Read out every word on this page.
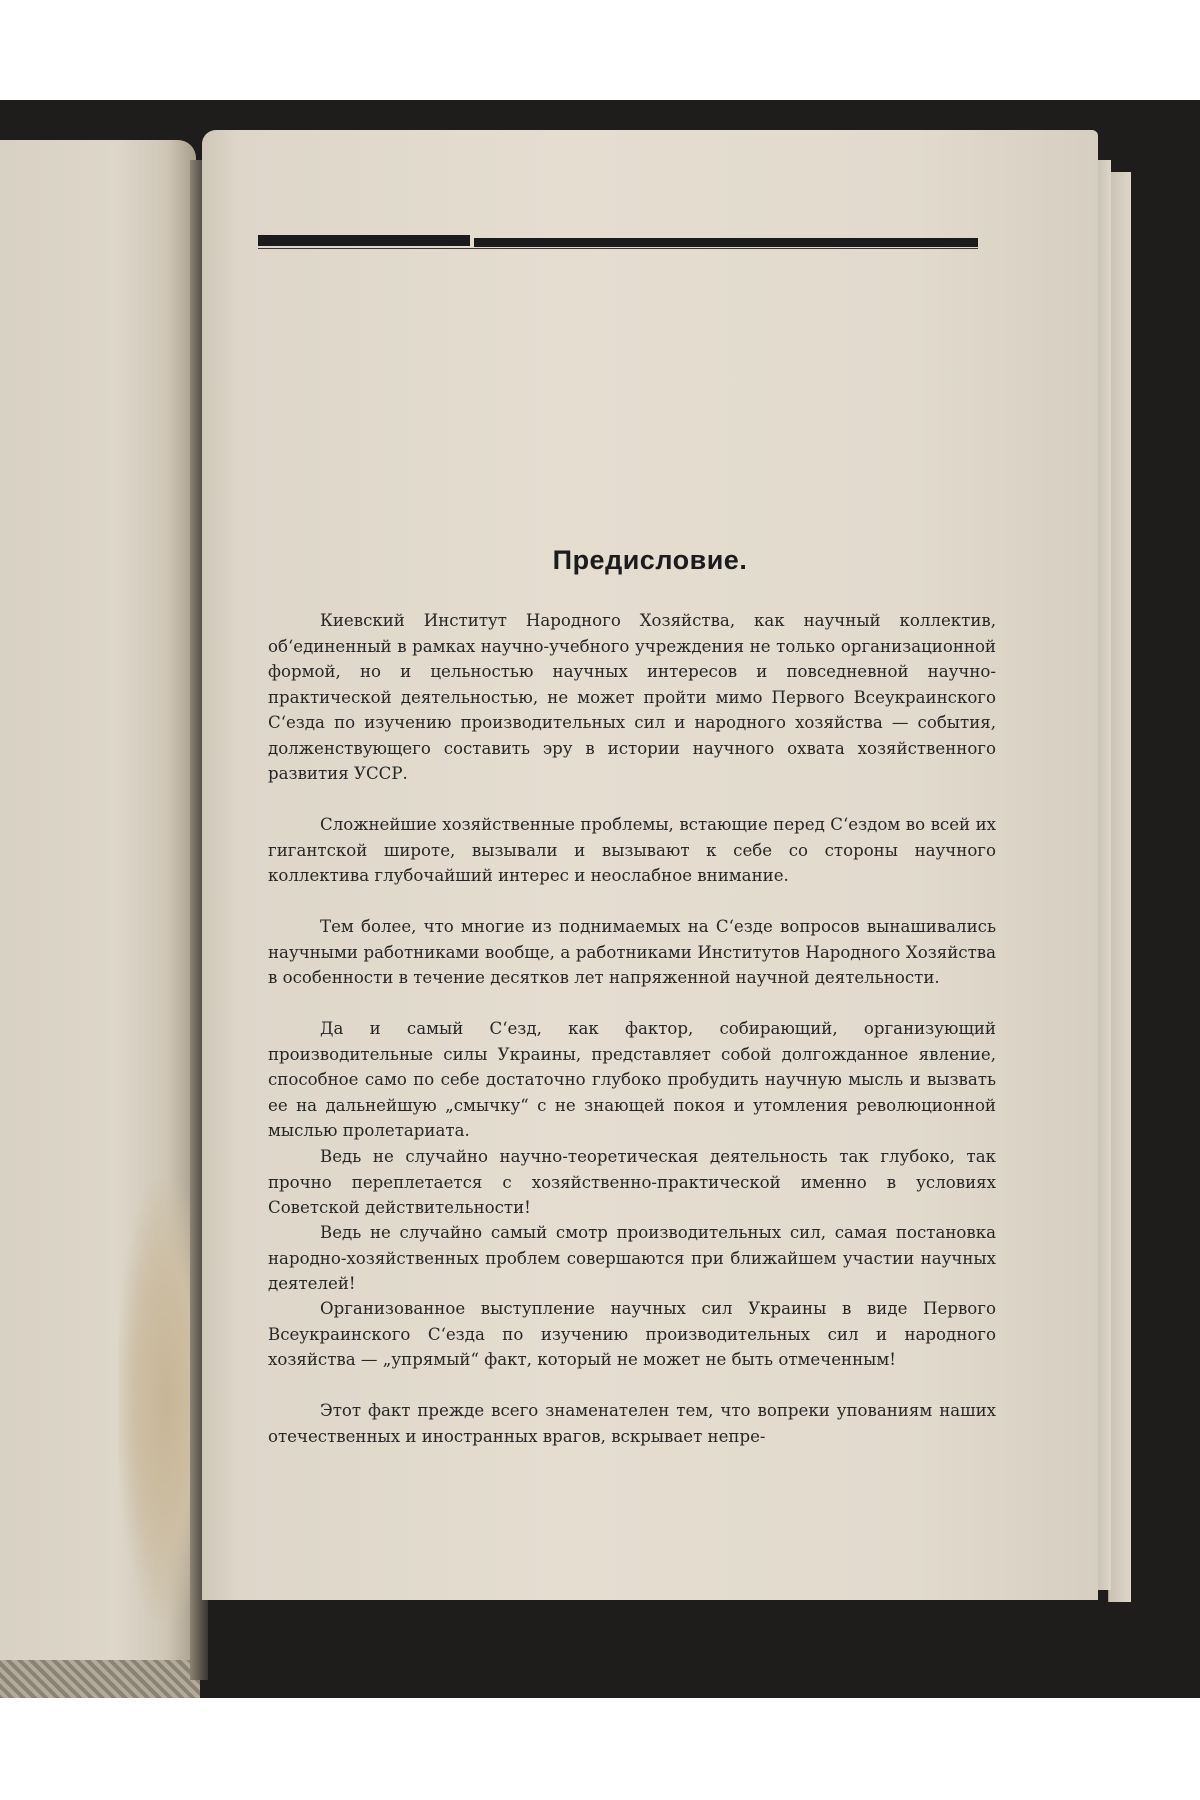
Предисловие.

Киевский Институт Народного Хозяйства, как научный коллектив, об‘единенный в рамках научно-учебного учреждения не только организационной формой, но и цельностью научных интересов и повседневной научно-практической деятельностью, не может пройти мимо Первого Всеукраинского С‘езда по изучению производительных сил и народного хозяйства — события, долженствующего составить эру в истории научного охвата хозяйственного развития УССР.

Сложнейшие хозяйственные проблемы, встающие перед С‘ездом во всей их гигантской широте, вызывали и вызывают к себе со стороны научного коллектива глубочайший интерес и неослабное внимание.

Тем более, что многие из поднимаемых на С‘езде вопросов вынашивались научными работниками вообще, а работниками Институтов Народного Хозяйства в особенности в течение десятков лет напряженной научной деятельности.

Да и самый С‘езд, как фактор, собирающий, организующий производительные силы Украины, представляет собой долгожданное явление, способное само по себе достаточно глубоко пробудить научную мысль и вызвать ее на дальнейшую „смычку“ с не знающей покоя и утомления революционной мыслью пролетариата.

Ведь не случайно научно-теоретическая деятельность так глубоко, так прочно переплетается с хозяйственно-практической именно в условиях Советской действительности!

Ведь не случайно самый смотр производительных сил, самая постановка народно-хозяйственных проблем совершаются при ближайшем участии научных деятелей!

Организованное выступление научных сил Украины в виде Первого Всеукраинского С‘езда по изучению производительных сил и народного хозяйства — „упрямый“ факт, который не может не быть отмеченным!

Этот факт прежде всего знаменателен тем, что вопреки упованиям наших отечественных и иностранных врагов, вскрывает непре-
